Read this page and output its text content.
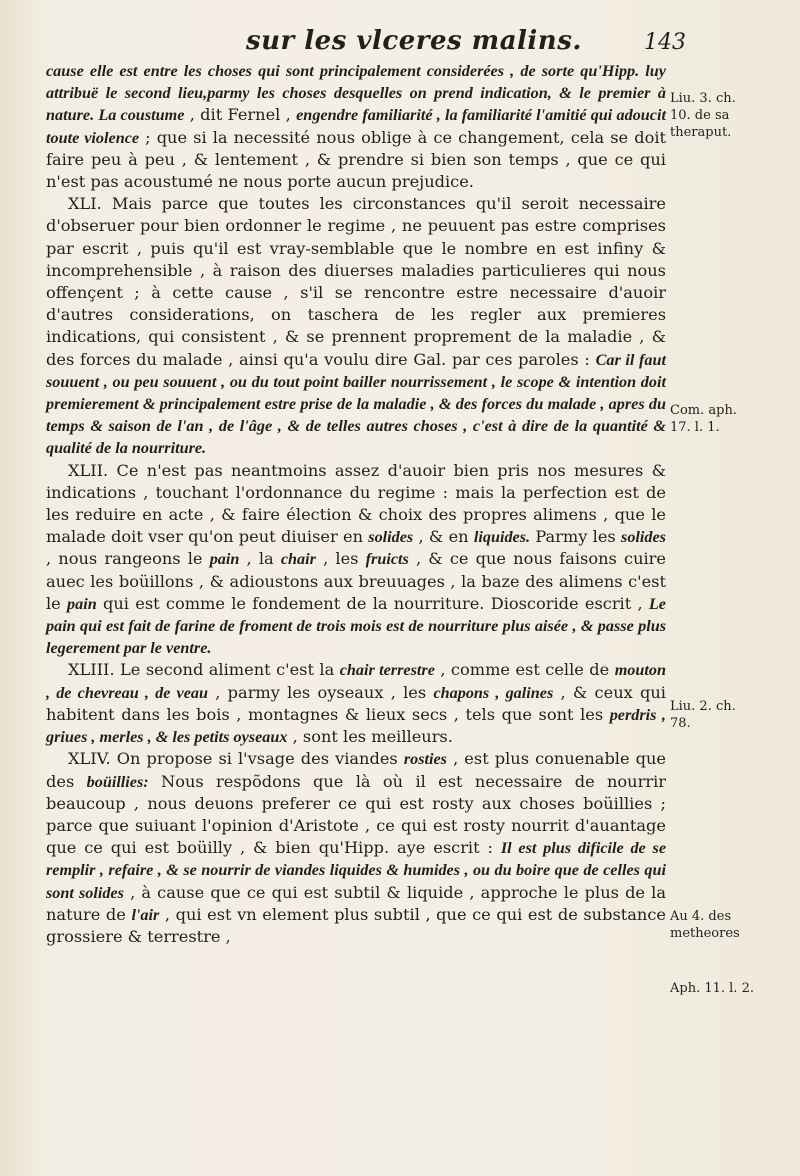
sur les vlceres malins.	143

cause elle est entre les choses qui sont principalement considerées , de sorte qu'Hipp. luy attribuë le second lieu,parmy les choses desquelles on prend indication, & le premier à nature. La coustume , dit Fernel , engendre familiarité , la familiarité l'amitié qui adoucit toute violence ; que si la necessité nous oblige à ce changement, cela se doit faire peu à peu , & lentement , & prendre si bien son temps , que ce qui n'est pas acoustumé ne nous porte aucun prejudice.

XLI. Mais parce que toutes les circonstances qu'il seroit necessaire d'obseruer pour bien ordonner le regime , ne peuuent pas estre comprises par escrit , puis qu'il est vray-semblable que le nombre en est infiny & incomprehensible , à raison des diuerses maladies particulieres qui nous offençent ; à cette cause , s'il se rencontre estre necessaire d'auoir d'autres considerations, on taschera de les regler aux premieres indications, qui consistent , & se prennent proprement de la maladie , & des forces du malade , ainsi qu'a voulu dire Gal. par ces paroles : Car il faut souuent , ou peu souuent , ou du tout point bailler nourrissement , le scope & intention doit premierement & principalement estre prise de la maladie , & des forces du malade , apres du temps & saison de l'an , de l'âge , & de telles autres choses , c'est à dire de la quantité & qualité de la nourriture.

XLII. Ce n'est pas neantmoins assez d'auoir bien pris nos mesures & indications , touchant l'ordonnance du regime : mais la perfection est de les reduire en acte , & faire élection & choix des propres alimens , que le malade doit vser qu'on peut diuiser en solides , & en liquides. Parmy les solides , nous rangeons le pain , la chair , les fruicts , & ce que nous faisons cuire auec les boüillons , & adioustons aux breuuages , la baze des alimens c'est le pain qui est comme le fondement de la nourriture. Dioscoride escrit , Le pain qui est fait de farine de froment de trois mois est de nourriture plus aisée , & passe plus legerement par le ventre.

XLIII. Le second aliment c'est la chair terrestre , comme est celle de mouton , de chevreau , de veau , parmy les oyseaux , les chapons , galines , & ceux qui habitent dans les bois , montagnes & lieux secs , tels que sont les perdris , griues , merles , & les petits oyseaux , sont les meilleurs.

XLIV. On propose si l'vsage des viandes rosties , est plus conuenable que des boüillies: Nous respõdons que là où il est necessaire de nourrir beaucoup , nous deuons preferer ce qui est rosty aux choses boüillies ; parce que suiuant l'opinion d'Aristote , ce qui est rosty nourrit d'auantage que ce qui est boüilly , & bien qu'Hipp. aye escrit : Il est plus dificile de se remplir , refaire , & se nourrir de viandes liquides & humides , ou du boire que de celles qui sont solides , à cause que ce qui est subtil & liquide , approche le plus de la nature de l'air , qui est vn element plus subtil , que ce qui est de substance grossiere & terrestre ,

Liu. 3. ch.
10. de sa
theraput.
Com. aph.
17. l. 1.
Liu. 2. ch.
78.
Au 4. des
metheores
Aph. 11. l. 2.
